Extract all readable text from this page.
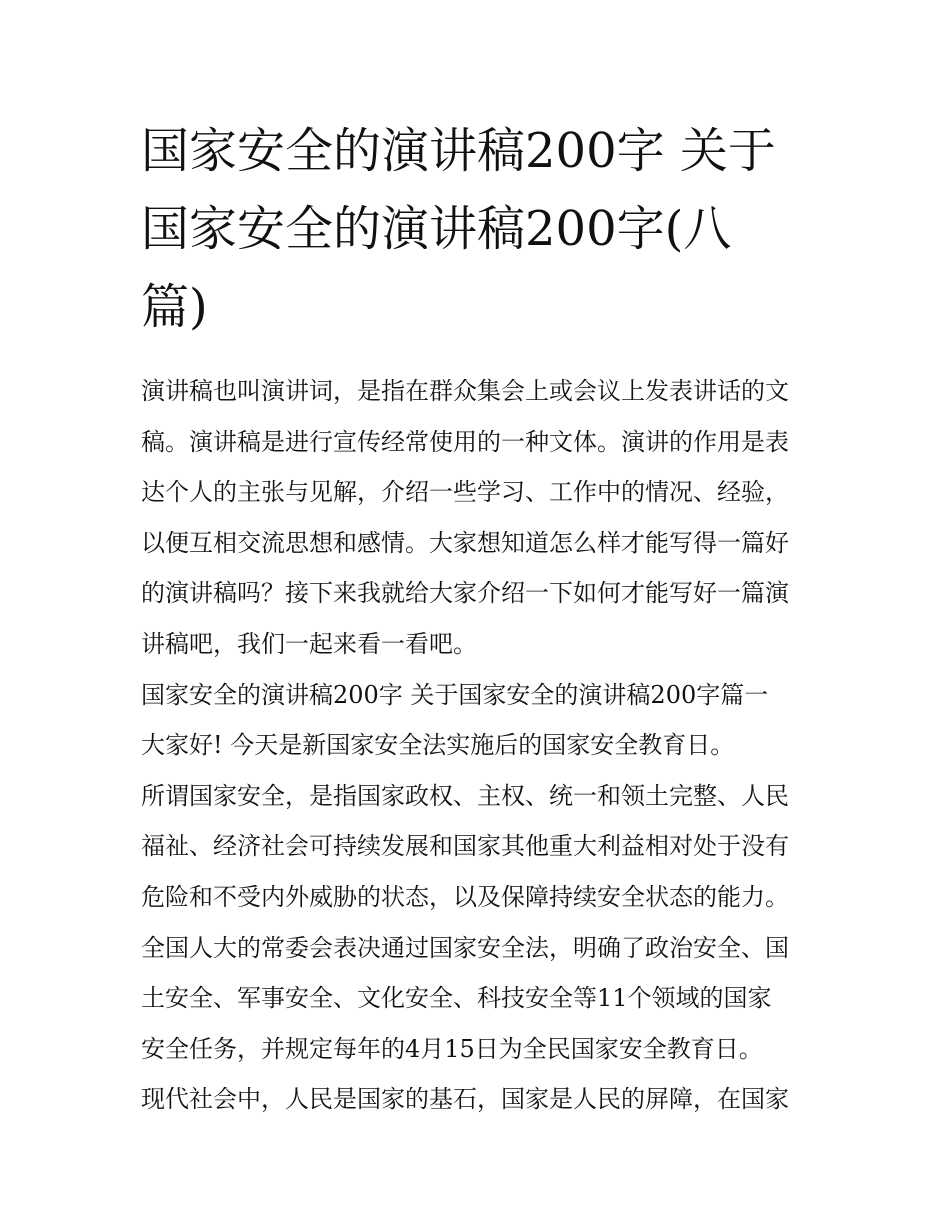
国家安全的演讲稿200字 关于
国家安全的演讲稿200字(八
篇)

演讲稿也叫演讲词，是指在群众集会上或会议上发表讲话的文
稿。演讲稿是进行宣传经常使用的一种文体。演讲的作用是表
达个人的主张与见解，介绍一些学习、工作中的情况、经验，
以便互相交流思想和感情。大家想知道怎么样才能写得一篇好
的演讲稿吗？接下来我就给大家介绍一下如何才能写好一篇演
讲稿吧，我们一起来看一看吧。

国家安全的演讲稿200字 关于国家安全的演讲稿200字篇一

大家好! 今天是新国家安全法实施后的国家安全教育日。

所谓国家安全，是指国家政权、主权、统一和领土完整、人民
福祉、经济社会可持续发展和国家其他重大利益相对处于没有
危险和不受内外威胁的状态，以及保障持续安全状态的能力。
全国人大的常委会表决通过国家安全法，明确了政治安全、国
土安全、军事安全、文化安全、科技安全等11个领域的国家
安全任务，并规定每年的4月15日为全民国家安全教育日。
现代社会中，人民是国家的基石，国家是人民的屏障，在国家
